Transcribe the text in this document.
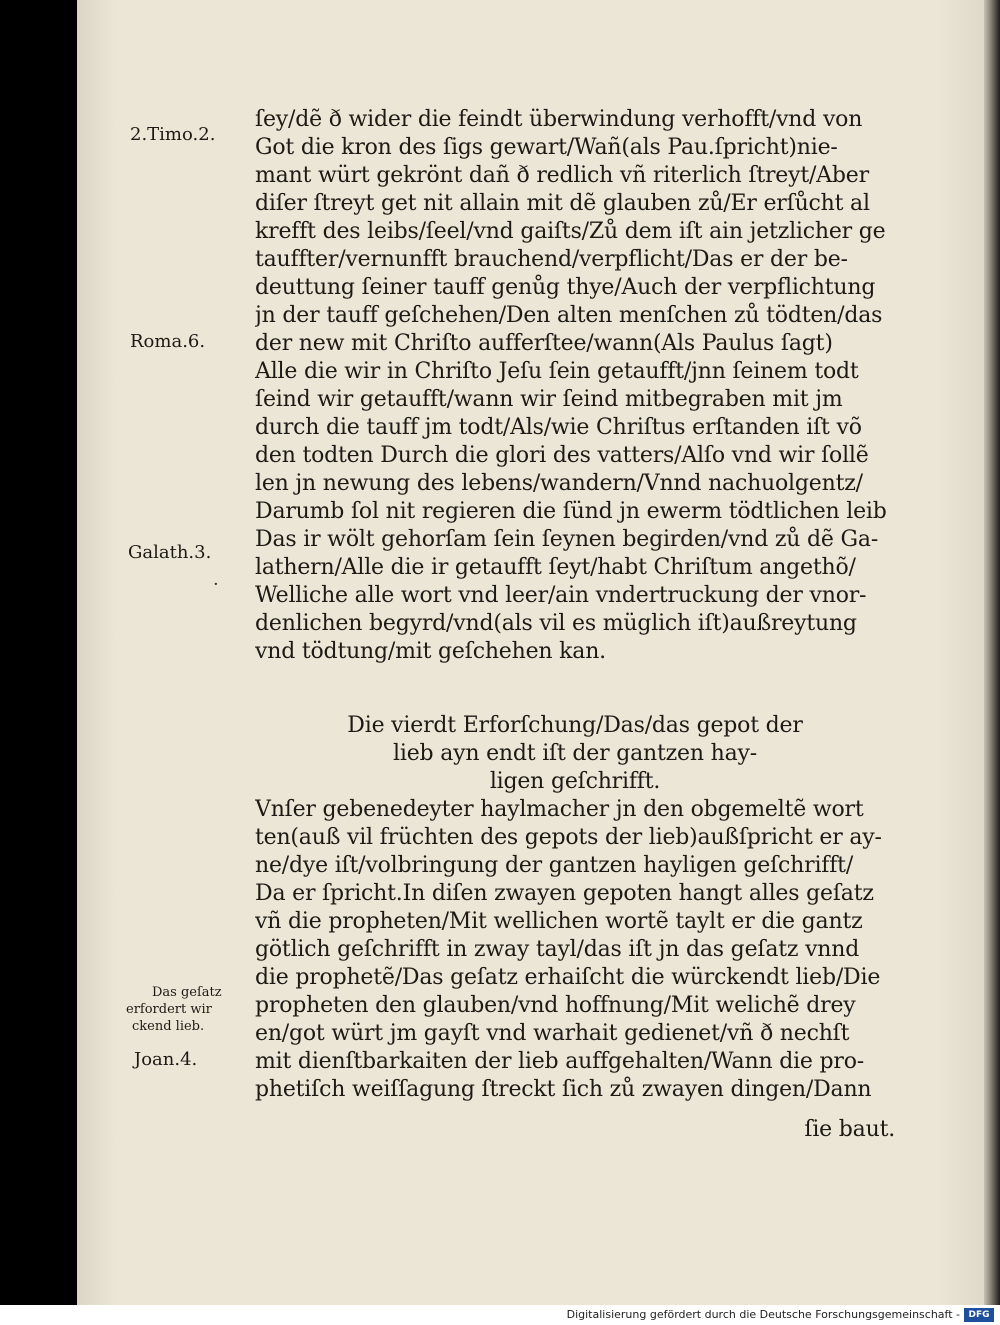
ſey/dẽ ð wider die feindt überwindung verhofft/vnd von
Got die kron des ſigs gewart/Wañ(als Pau.ſpricht)nie-
mant würt gekrönt dañ ð redlich vñ riterlich ſtreyt/Aber
diſer ſtreyt get nit allain mit dẽ glauben zů/Er erſůcht al
krefft des leibs/ſeel/vnd gaiſts/Zů dem iſt ain jetzlicher ge
tauffter/vernunfft brauchend/verpflicht/Das er der be-
deuttung ſeiner tauff genůg thye/Auch der verpflichtung
jn der tauff geſchehen/Den alten menſchen zů tödten/das
der new mit Chriſto aufferſtee/wann(Als Paulus ſagt)
Alle die wir in Chriſto Jeſu ſein getaufft/jnn ſeinem todt
ſeind wir getaufft/wann wir ſeind mitbegraben mit jm
durch die tauff jm todt/Als/wie Chriſtus erſtanden iſt võ
den todten Durch die glori des vatters/Alſo vnd wir ſollẽ
len jn newung des lebens/wandern/Vnnd nachuolgentz/
Darumb ſol nit regieren die ſünd jn ewerm tödtlichen leib
Das ir wölt gehorſam ſein ſeynen begirden/vnd zů dẽ Ga-
lathern/Alle die ir getaufft ſeyt/habt Chriſtum angethõ/
Welliche alle wort vnd leer/ain vndertruckung der vnor-
denlichen begyrd/vnd(als vil es müglich iſt)außreytung
vnd tödtung/mit geſchehen kan.
Die vierdt Erforſchung/Das/das gepot der
lieb ayn endt iſt der gantzen hay-
ligen geſchrifft.
Vnſer gebenedeyter haylmacher jn den obgemeltẽ wort
ten(auß vil früchten des gepots der lieb)außſpricht er ay-
ne/dye iſt/volbringung der gantzen hayligen geſchrifft/
Da er ſpricht.In diſen zwayen gepoten hangt alles geſatz
vñ die propheten/Mit wellichen wortẽ taylt er die gantz
götlich geſchrifft in zway tayl/das iſt jn das geſatz vnnd
die prophetẽ/Das geſatz erhaiſcht die würckendt lieb/Die
propheten den glauben/vnd hoffnung/Mit welichẽ drey
en/got würt jm gayſt vnd warhait gedienet/vñ ð nechſt
mit dienſtbarkaiten der lieb auffgehalten/Wann die pro-
phetiſch weiſſagung ſtreckt ſich zů zwayen dingen/Dann
ſie baut.
2.Timo.2.
Roma.6.
Galath.3.
·
Das geſatz
erfordert wir
ckend lieb.
Joan.4.
Digitalisierung gefördert durch die Deutsche Forschungsgemeinschaft - DFG
